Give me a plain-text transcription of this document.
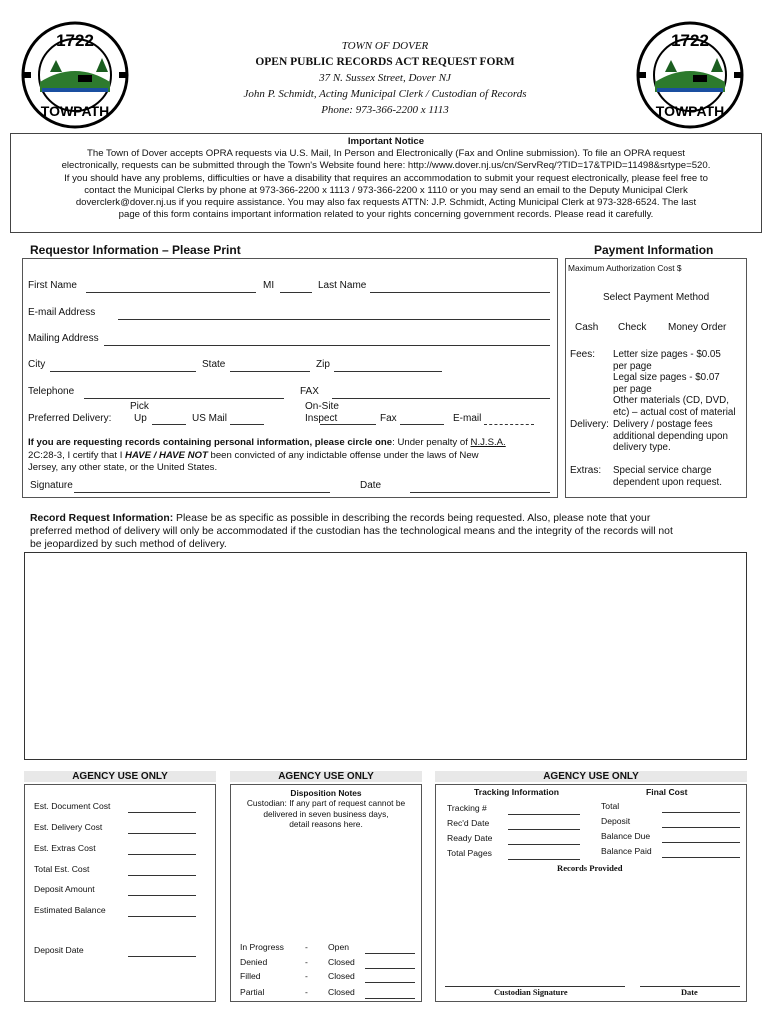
1722
TOWPATH
1722
TOWPATH
TOWN OF DOVER
OPEN PUBLIC RECORDS ACT REQUEST FORM
37 N. Sussex Street, Dover NJ
John P. Schmidt, Acting Municipal Clerk / Custodian of Records
Phone: 973-366-2200 x 1113
Important Notice
The Town of Dover accepts OPRA requests via U.S. Mail, In Person and Electronically (Fax and Online submission). To file an OPRA request
electronically, requests can be submitted through the Town's Website found here: http://www.dover.nj.us/cn/ServReq/?TID=17&TPID=11498&srtype=520.
If you should have any problems, difficulties or have a disability that requires an accommodation to submit your request electronically, please feel free to
contact the Municipal Clerks by phone at 973-366-2200 x 1113 / 973-366-2200 x 1110 or you may send an email to the Deputy Municipal Clerk
doverclerk@dover.nj.us if you require assistance. You may also fax requests ATTN: J.P. Schmidt, Acting Municipal Clerk at 973-328-6524. The last
page of this form contains important information related to your rights concerning government records. Please read it carefully.
Requestor Information – Please Print
First Name	MI	Last Name
E-mail Address
Mailing Address
City	State	Zip
Telephone	FAX
Preferred Delivery:
Pick
Up	US Mail
On-Site
Inspect	Fax	E-mail
If you are requesting records containing personal information, please circle one: Under penalty of N.J.S.A.
2C:28-3, I certify that I HAVE / HAVE NOT been convicted of any indictable offense under the laws of New
Jersey, any other state, or the United States.
Signature	Date
Payment Information
Maximum Authorization Cost $
Select Payment Method
Cash Check Money Order
Fees: Letter size pages - $0.05
per page
Legal size pages - $0.07
per page
Other materials (CD, DVD,
etc) – actual cost of material
Delivery: Delivery / postage fees
additional depending upon
delivery type.
Extras: Special service charge
dependent upon request.
Record Request Information: Please be as specific as possible in describing the records being requested. Also, please note that your
preferred method of delivery will only be accommodated if the custodian has the technological means and the integrity of the records will not
be jeopardized by such method of delivery.
AGENCY USE ONLY
Est. Document Cost
Est. Delivery Cost
Est. Extras Cost
Total Est. Cost
Deposit Amount
Estimated Balance
Deposit Date
AGENCY USE ONLY
Disposition Notes
Custodian: If any part of request cannot be
delivered in seven business days,
detail reasons here.
In Progress - Open
Denied	- Closed
Filled	- Closed
Partial	- Closed
AGENCY USE ONLY
Tracking Information	Final Cost
Tracking #
Rec'd Date
Ready Date
Total Pages
Total
Deposit
Balance Due
Balance Paid
Records Provided
Custodian Signature	Date
